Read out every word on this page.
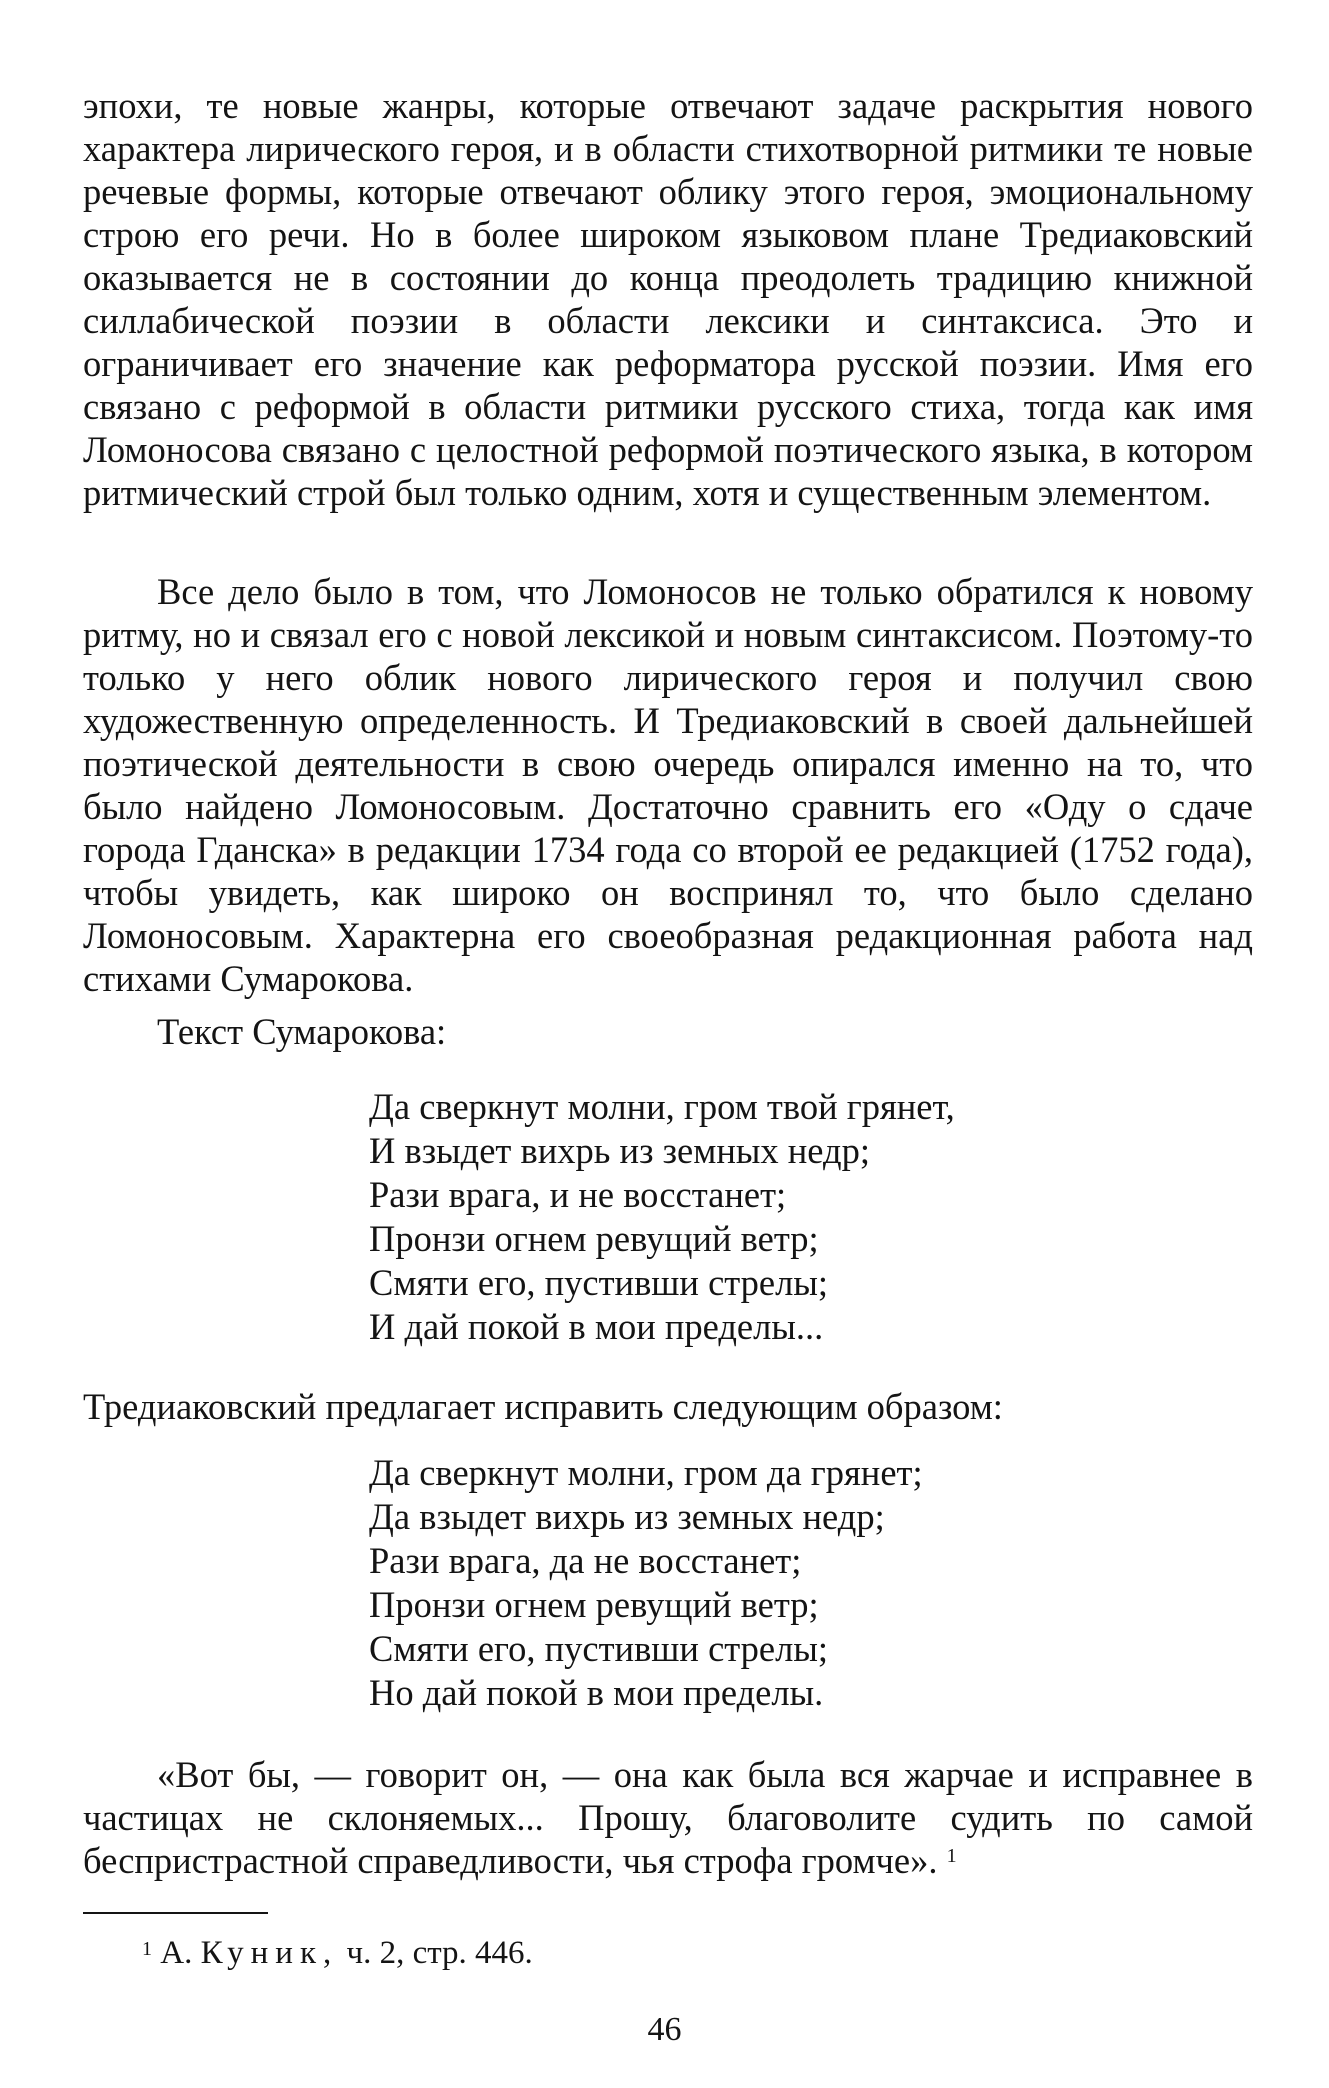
эпохи, те новые жанры, которые отвечают задаче раскрытия нового характера лирического героя, и в области стихотворной ритмики те новые речевые формы, которые отвечают облику этого героя, эмоциональному строю его речи. Но в более широком языковом плане Тредиаковский оказывается не в состоянии до конца преодолеть традицию книжной силлабической поэзии в области лексики и синтаксиса. Это и ограничивает его значение как реформатора русской поэзии. Имя его связано с реформой в области ритмики русского стиха, тогда как имя Ломоносова связано с целостной реформой поэтического языка, в котором ритмический строй был только одним, хотя и существенным элементом.

Все дело было в том, что Ломоносов не только обратился к новому ритму, но и связал его с новой лексикой и новым синтаксисом. Поэтому-то только у него облик нового лирического героя и получил свою художественную определенность. И Тредиаковский в своей дальнейшей поэтической деятельности в свою очередь опирался именно на то, что было найдено Ломоносовым. Достаточно сравнить его «Оду о сдаче города Гданска» в редакции 1734 года со второй ее редакцией (1752 года), чтобы увидеть, как широко он воспринял то, что было сделано Ломоносовым. Характерна его своеобразная редакционная работа над стихами Сумарокова.

Текст Сумарокова:

Да сверкнут молни, гром твой грянет,
И взыдет вихрь из земных недр;
Рази врага, и не восстанет;
Пронзи огнем ревущий ветр;
Смяти его, пустивши стрелы;
И дай покой в мои пределы...

Тредиаковский предлагает исправить следующим образом:

Да сверкнут молни, гром да грянет;
Да взыдет вихрь из земных недр;
Рази врага, да не восстанет;
Пронзи огнем ревущий ветр;
Смяти его, пустивши стрелы;
Но дай покой в мои пределы.

«Вот бы, — говорит он, — она как была вся жарчае и исправнее в частицах не склоняемых... Прошу, благоволите судить по самой беспристрастной справедливости, чья строфа громче». $^1$

$^1$ А. Куник, ч. 2, стр. 446.

46
